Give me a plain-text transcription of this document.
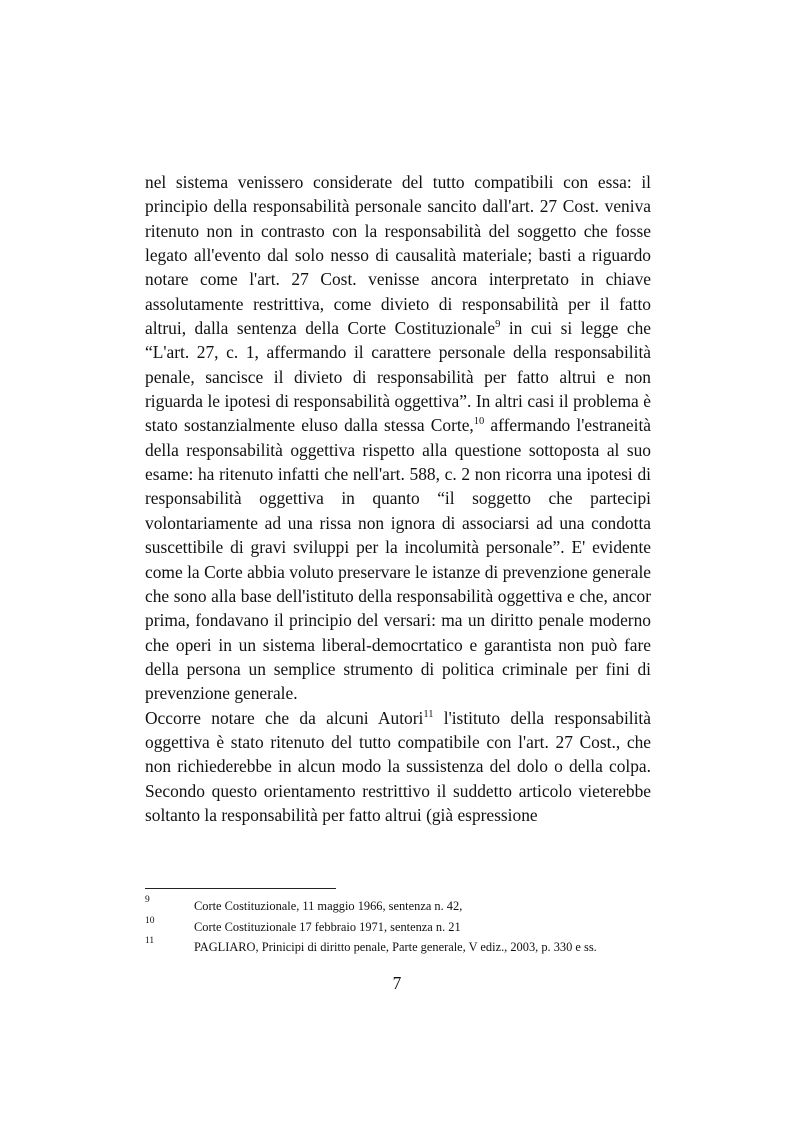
nel sistema venissero considerate del tutto compatibili con essa: il principio della responsabilità personale sancito dall'art. 27 Cost. veniva ritenuto non in contrasto con la responsabilità del soggetto che fosse legato all'evento dal solo nesso di causalità materiale; basti a riguardo notare come l'art. 27 Cost. venisse ancora interpretato in chiave assolutamente restrittiva, come divieto di responsabilità per il fatto altrui, dalla sentenza della Corte Costituzionale$^9$ in cui si legge che “L'art. 27, c. 1, affermando il carattere personale della responsabilità penale, sancisce il divieto di responsabilità per fatto altrui e non riguarda le ipotesi di responsabilità oggettiva”. In altri casi il problema è stato sostanzialmente eluso dalla stessa Corte,$^{10}$ affermando l'estraneità della responsabilità oggettiva rispetto alla questione sottoposta al suo esame: ha ritenuto infatti che nell'art. 588, c. 2 non ricorra una ipotesi di responsabilità oggettiva in quanto “il soggetto che partecipi volontariamente ad una rissa non ignora di associarsi ad una condotta suscettibile di gravi sviluppi per la incolumità personale”. E' evidente come la Corte abbia voluto preservare le istanze di prevenzione generale che sono alla base dell'istituto della responsabilità oggettiva e che, ancor prima, fondavano il principio del versari: ma un diritto penale moderno che operi in un sistema liberal-democrtatico e garantista non può fare della persona un semplice strumento di politica criminale per fini di prevenzione generale.

Occorre notare che da alcuni Autori$^{11}$ l'istituto della responsabilità oggettiva è stato ritenuto del tutto compatibile con l'art. 27 Cost., che non richiederebbe in alcun modo la sussistenza del dolo o della colpa. Secondo questo orientamento restrittivo il suddetto articolo vieterebbe soltanto la responsabilità per fatto altrui (già espressione

9	Corte Costituzionale, 11 maggio 1966, sentenza n. 42,
10	Corte Costituzionale 17 febbraio 1971, sentenza n. 21
11	PAGLIARO, Prinicipi di diritto penale, Parte generale, V ediz., 2003, p. 330 e ss.
7
